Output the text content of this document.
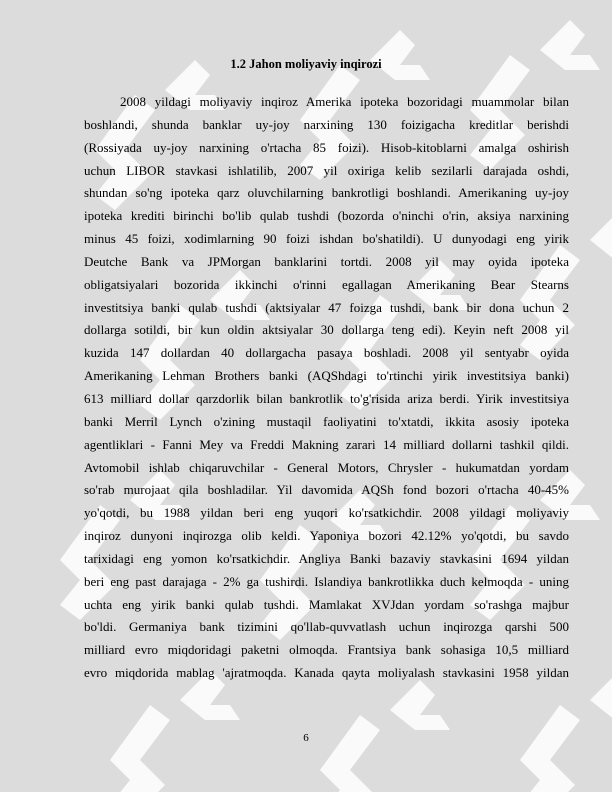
1.2 Jahon moliyaviy inqirozi
2008 yildagi moliyaviy inqiroz Amerika ipoteka bozoridagi muammolar bilan
boshlandi, shunda banklar uy-joy narxining 130 foizigacha kreditlar berishdi
(Rossiyada uy-joy narxining o'rtacha 85 foizi). Hisob-kitoblarni amalga oshirish
uchun LIBOR stavkasi ishlatilib, 2007 yil oxiriga kelib sezilarli darajada oshdi,
shundan so'ng ipoteka qarz oluvchilarning bankrotligi boshlandi. Amerikaning uy-joy
ipoteka krediti birinchi bo'lib qulab tushdi (bozorda o'ninchi o'rin, aksiya narxining
minus 45 foizi, xodimlarning 90 foizi ishdan bo'shatildi). U dunyodagi eng yirik
Deutche Bank va JPMorgan banklarini tortdi. 2008 yil may oyida ipoteka
obligatsiyalari bozorida ikkinchi o'rinni egallagan Amerikaning Bear Stearns
investitsiya banki qulab tushdi (aktsiyalar 47 foizga tushdi, bank bir dona uchun 2
dollarga sotildi, bir kun oldin aktsiyalar 30 dollarga teng edi). Keyin neft 2008 yil
kuzida 147 dollardan 40 dollargacha pasaya boshladi. 2008 yil sentyabr oyida
Amerikaning Lehman Brothers banki (AQShdagi to'rtinchi yirik investitsiya banki)
613 milliard dollar qarzdorlik bilan bankrotlik to'g'risida ariza berdi. Yirik investitsiya
banki Merril Lynch o'zining mustaqil faoliyatini to'xtatdi, ikkita asosiy ipoteka
agentliklari - Fanni Mey va Freddi Makning zarari 14 milliard dollarni tashkil qildi.
Avtomobil ishlab chiqaruvchilar - General Motors, Chrysler - hukumatdan yordam
so'rab murojaat qila boshladilar. Yil davomida AQSh fond bozori o'rtacha 40-45%
yo'qotdi, bu 1988 yildan beri eng yuqori ko'rsatkichdir. 2008 yildagi moliyaviy
inqiroz dunyoni inqirozga olib keldi. Yaponiya bozori 42.12% yo'qotdi, bu savdo
tarixidagi eng yomon ko'rsatkichdir. Angliya Banki bazaviy stavkasini 1694 yildan
beri eng past darajaga - 2% ga tushirdi. Islandiya bankrotlikka duch kelmoqda - uning
uchta eng yirik banki qulab tushdi. Mamlakat XVJdan yordam so'rashga majbur
bo'ldi. Germaniya bank tizimini qo'llab-quvvatlash uchun inqirozga qarshi 500
milliard evro miqdoridagi paketni olmoqda. Frantsiya bank sohasiga 10,5 milliard
evro miqdorida mablag 'ajratmoqda. Kanada qayta moliyalash stavkasini 1958 yildan
6
